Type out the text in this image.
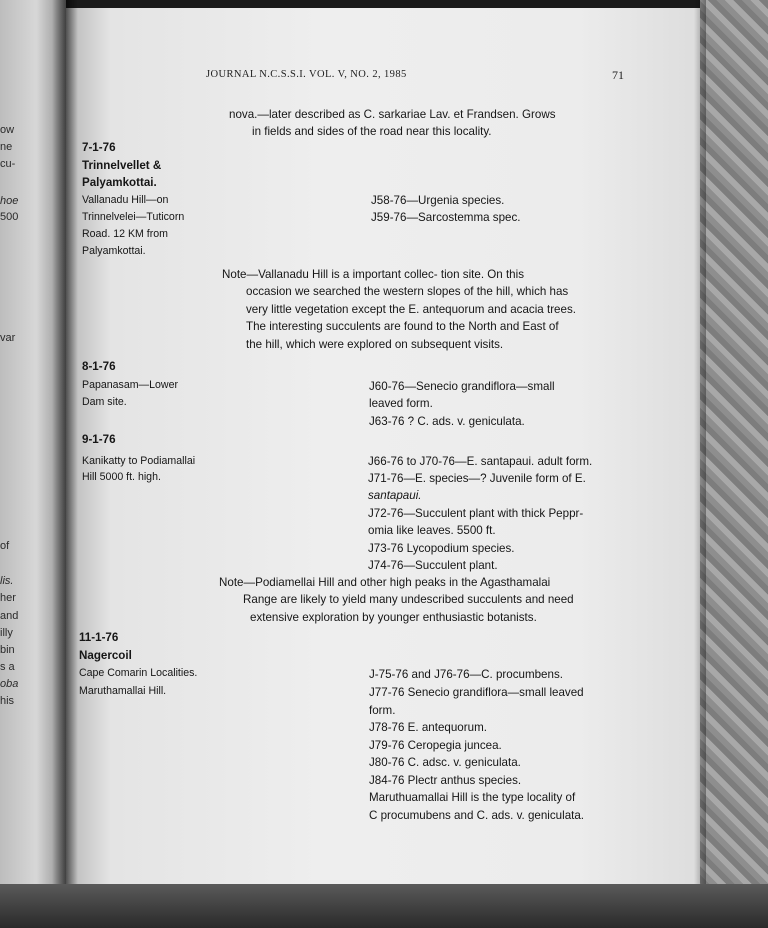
ow

ne

cu-

hoe

500

var

of

lis.

her

and

illy

bin

s a

oba

his

JOURNAL N.C.S.S.I. VOL. V, NO. 2, 1985	71

nova.—later described as C. sarkariae Lav. et Frandsen. Grows

in fields and sides of the road near this locality.

7-1-76

Trinnelvellet &

Palyamkottai.

Vallanadu Hill—on

Trinnelvelei—Tuticorn

Road. 12 KM from

Palyamkottai.

J58-76—Urgenia species.

J59-76—Sarcostemma spec.

Note—Vallanadu Hill is a important collec- tion site. On this

occasion we searched the western slopes of the hill, which has

very little vegetation except the E. antequorum and acacia trees.

The interesting succulents are found to the North and East of

the hill, which were explored on subsequent visits.

8-1-76

Papanasam—Lower

Dam site.

J60-76—Senecio grandiflora—small

leaved form.

J63-76 ? C. ads. v. geniculata.

9-1-76

Kanikatty to Podiamallai

Hill 5000 ft. high.

J66-76 to J70-76—E. santapaui. adult form.

J71-76—E. species—? Juvenile form of E.

santapaui.

J72-76—Succulent plant with thick Peppr-

omia like leaves. 5500 ft.

J73-76 Lycopodium species.

J74-76—Succulent plant.

Note—Podiamellai Hill and other high peaks in the Agasthamalai

Range are likely to yield many undescribed succulents and need

extensive exploration by younger enthusiastic botanists.

11-1-76

Nagercoil

Cape Comarin Localities.

Maruthamallai Hill.

J-75-76 and J76-76—C. procumbens.

J77-76 Senecio grandiflora—small leaved

form.

J78-76 E. antequorum.

J79-76 Ceropegia juncea.

J80-76 C. adsc. v. geniculata.

J84-76 Plectr anthus species.

Maruthuamallai Hill is the type locality of

C procumubens and C. ads. v. geniculata.
